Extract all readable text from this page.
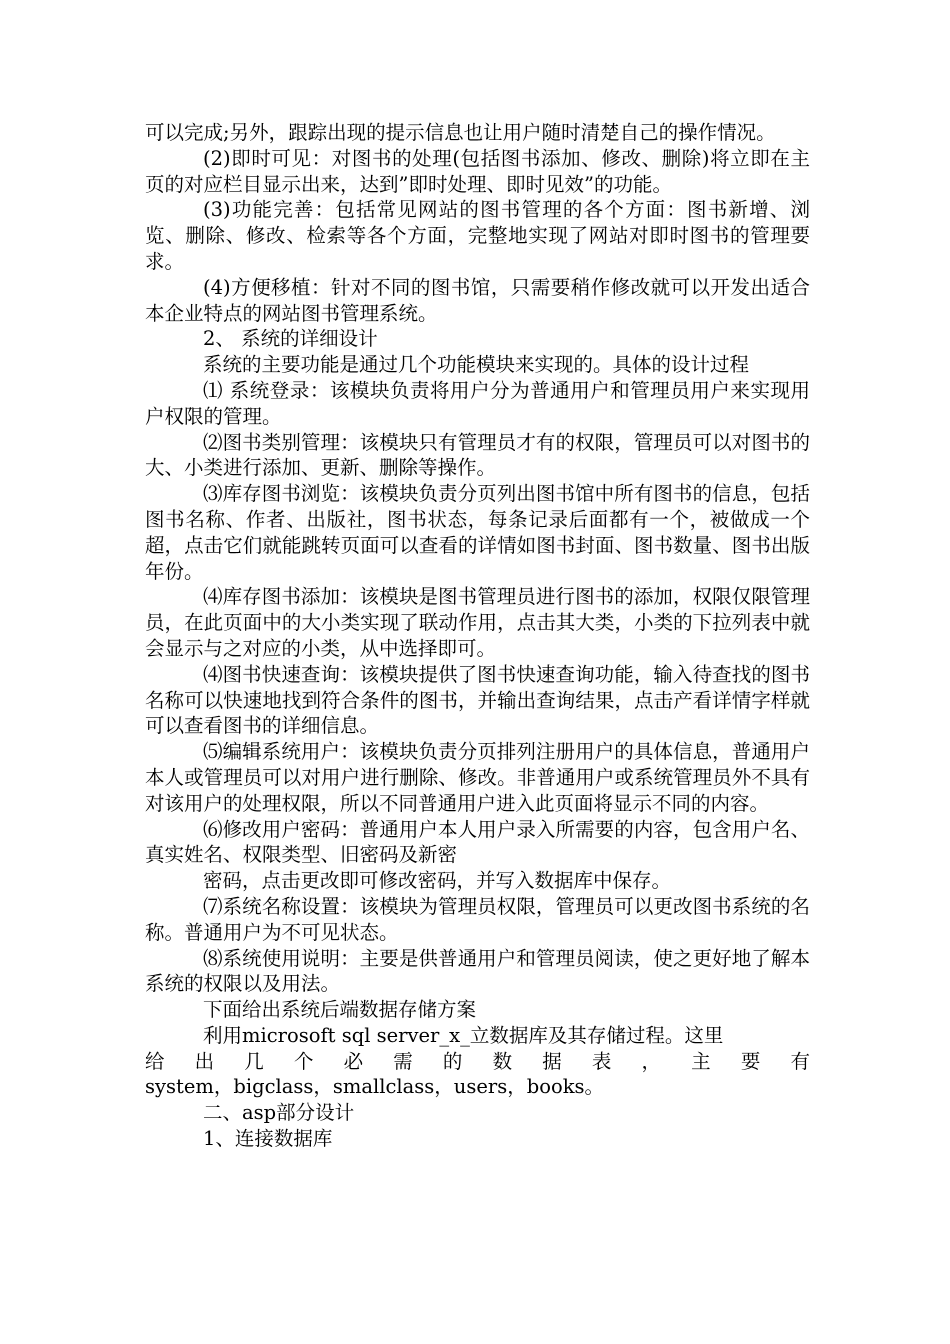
可以完成;另外，跟踪出现的提示信息也让用户随时清楚自己的操作情况。

(2)即时可见：对图书的处理(包括图书添加、修改、删除)将立即在主页的对应栏目显示出来，达到”即时处理、即时见效”的功能。

(3)功能完善：包括常见网站的图书管理的各个方面：图书新增、浏览、删除、修改、检索等各个方面，完整地实现了网站对即时图书的管理要求。

(4)方便移植：针对不同的图书馆，只需要稍作修改就可以开发出适合本企业特点的网站图书管理系统。

2、 系统的详细设计

系统的主要功能是通过几个功能模块来实现的。具体的设计过程

⑴ 系统登录：该模块负责将用户分为普通用户和管理员用户来实现用户权限的管理。

⑵图书类别管理：该模块只有管理员才有的权限，管理员可以对图书的大、小类进行添加、更新、删除等操作。

⑶库存图书浏览：该模块负责分页列出图书馆中所有图书的信息，包括图书名称、作者、出版社，图书状态，每条记录后面都有一个，被做成一个超，点击它们就能跳转页面可以查看的详情如图书封面、图书数量、图书出版年份。

⑷库存图书添加：该模块是图书管理员进行图书的添加，权限仅限管理员，在此页面中的大小类实现了联动作用，点击其大类，小类的下拉列表中就会显示与之对应的小类，从中选择即可。

⑷图书快速查询：该模块提供了图书快速查询功能，输入待查找的图书名称可以快速地找到符合条件的图书，并输出查询结果，点击产看详情字样就可以查看图书的详细信息。

⑸编辑系统用户：该模块负责分页排列注册用户的具体信息，普通用户本人或管理员可以对用户进行删除、修改。非普通用户或系统管理员外不具有对该用户的处理权限，所以不同普通用户进入此页面将显示不同的内容。

⑹修改用户密码：普通用户本人用户录入所需要的内容，包含用户名、真实姓名、权限类型、旧密码及新密

密码，点击更改即可修改密码，并写入数据库中保存。

⑺系统名称设置：该模块为管理员权限，管理员可以更改图书系统的名称。普通用户为不可见状态。

⑻系统使用说明：主要是供普通用户和管理员阅读，使之更好地了解本系统的权限以及用法。

下面给出系统后端数据存储方案

利用microsoft sql server_x_立数据库及其存储过程。这里

给 出 几 个 必 需 的 数 据 表 ， 主 要 有

system，bigclass，smallclass，users，books。

二、asp部分设计

1、连接数据库
